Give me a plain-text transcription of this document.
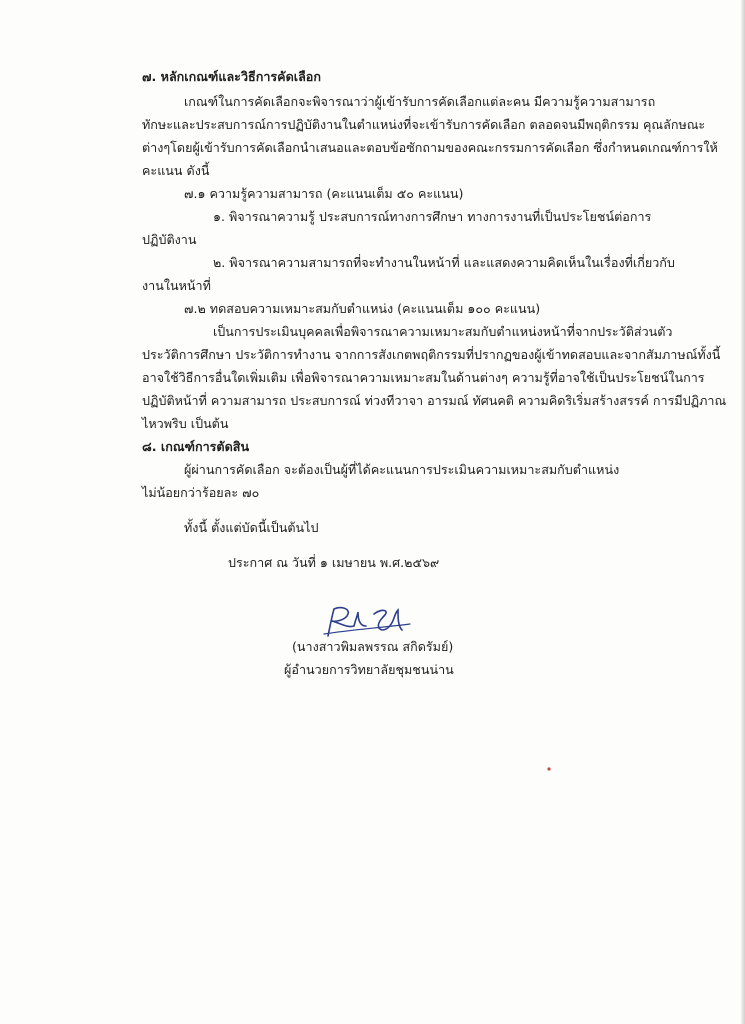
๗. หลักเกณฑ์และวิธีการคัดเลือก
เกณฑ์ในการคัดเลือกจะพิจารณาว่าผู้เข้ารับการคัดเลือกแต่ละคน มีความรู้ความสามารถ
ทักษะและประสบการณ์การปฏิบัติงานในตำแหน่งที่จะเข้ารับการคัดเลือก ตลอดจนมีพฤติกรรม คุณลักษณะ
ต่างๆโดยผู้เข้ารับการคัดเลือกนำเสนอและตอบข้อซักถามของคณะกรรมการคัดเลือก ซึ่งกำหนดเกณฑ์การให้
คะแนน ดังนี้
๗.๑ ความรู้ความสามารถ (คะแนนเต็ม ๕๐ คะแนน)
๑. พิจารณาความรู้ ประสบการณ์ทางการศึกษา ทางการงานที่เป็นประโยชน์ต่อการ
ปฏิบัติงาน
๒. พิจารณาความสามารถที่จะทำงานในหน้าที่ และแสดงความคิดเห็นในเรื่องที่เกี่ยวกับ
งานในหน้าที่
๗.๒ ทดสอบความเหมาะสมกับตำแหน่ง (คะแนนเต็ม ๑๐๐ คะแนน)
เป็นการประเมินบุคคลเพื่อพิจารณาความเหมาะสมกับตำแหน่งหน้าที่จากประวัติส่วนตัว
ประวัติการศึกษา ประวัติการทำงาน จากการสังเกตพฤติกรรมที่ปรากฏของผู้เข้าทดสอบและจากสัมภาษณ์ทั้งนี้
อาจใช้วิธีการอื่นใดเพิ่มเติม เพื่อพิจารณาความเหมาะสมในด้านต่างๆ ความรู้ที่อาจใช้เป็นประโยชน์ในการ
ปฏิบัติหน้าที่ ความสามารถ ประสบการณ์ ท่วงทีวาจา อารมณ์ ทัศนคติ ความคิดริเริ่มสร้างสรรค์ การมีปฏิภาณ
ไหวพริบ เป็นต้น
๘. เกณฑ์การตัดสิน
ผู้ผ่านการคัดเลือก จะต้องเป็นผู้ที่ได้คะแนนการประเมินความเหมาะสมกับตำแหน่ง
ไม่น้อยกว่าร้อยละ ๗๐
ทั้งนี้ ตั้งแต่บัดนี้เป็นต้นไป
ประกาศ ณ วันที่ ๑ เมษายน พ.ศ.๒๕๖๙
(นางสาวพิมลพรรณ สกิดรัมย์)
ผู้อำนวยการวิทยาลัยชุมชนน่าน
